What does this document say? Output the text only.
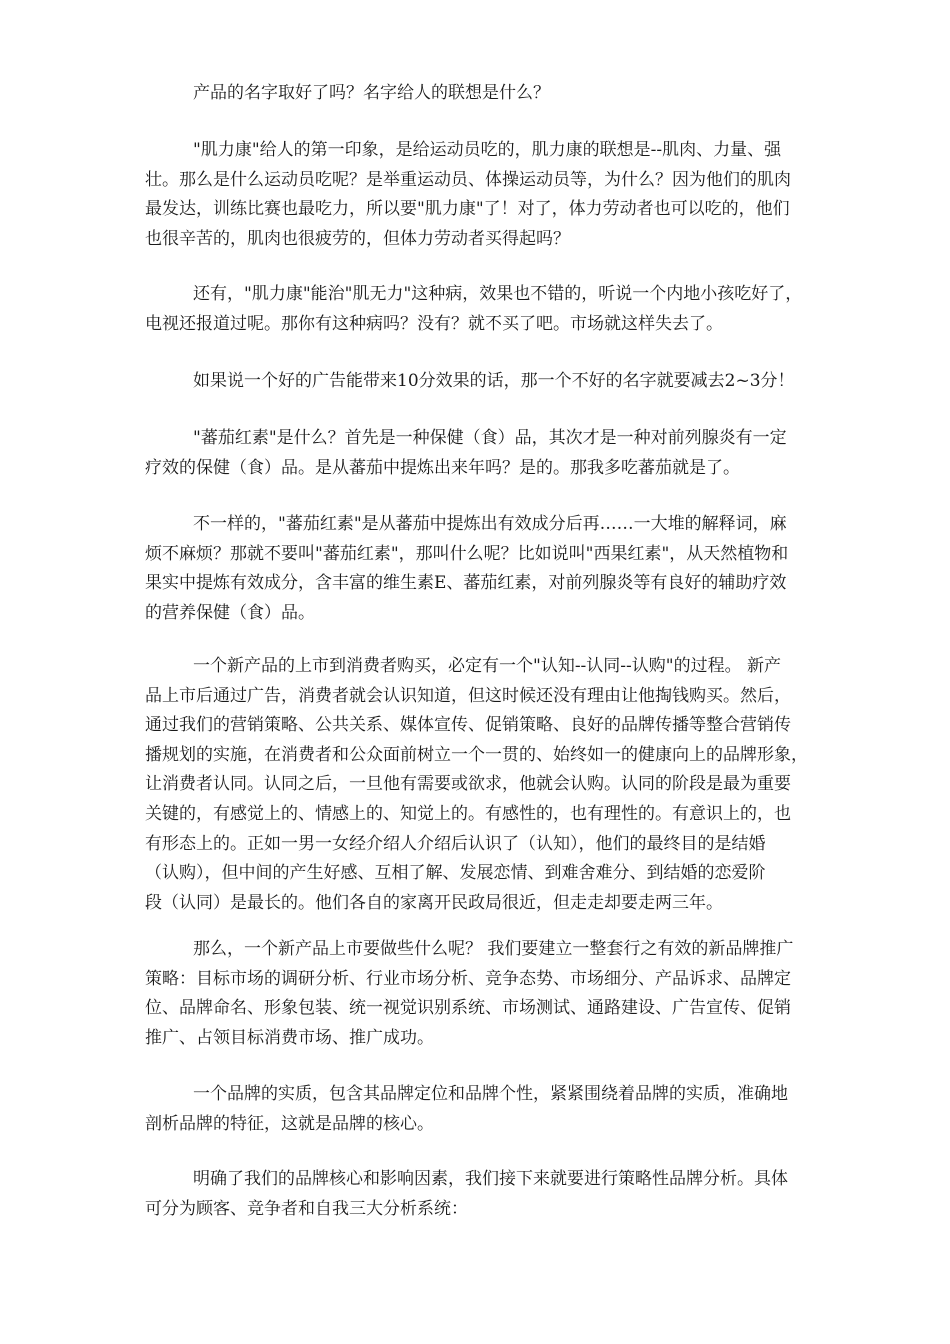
产品的名字取好了吗？名字给人的联想是什么？

"肌力康"给人的第一印象，是给运动员吃的，肌力康的联想是--肌肉、力量、强
壮。那么是什么运动员吃呢？是举重运动员、体操运动员等，为什么？因为他们的肌肉
最发达，训练比赛也最吃力，所以要"肌力康"了！对了，体力劳动者也可以吃的，他们
也很辛苦的，肌肉也很疲劳的，但体力劳动者买得起吗？

还有，"肌力康"能治"肌无力"这种病，效果也不错的，听说一个内地小孩吃好了，
电视还报道过呢。那你有这种病吗？没有？就不买了吧。市场就这样失去了。

如果说一个好的广告能带来10分效果的话，那一个不好的名字就要减去2~3分！

"蕃茄红素"是什么？首先是一种保健（食）品，其次才是一种对前列腺炎有一定
疗效的保健（食）品。是从蕃茄中提炼出来年吗？是的。那我多吃蕃茄就是了。

不一样的，"蕃茄红素"是从蕃茄中提炼出有效成分后再……一大堆的解释词，麻
烦不麻烦？那就不要叫"蕃茄红素"，那叫什么呢？比如说叫"西果红素"，从天然植物和
果实中提炼有效成分，含丰富的维生素E、蕃茄红素，对前列腺炎等有良好的辅助疗效
的营养保健（食）品。

一个新产品的上市到消费者购买，必定有一个"认知--认同--认购"的过程。 新产
品上市后通过广告，消费者就会认识知道，但这时候还没有理由让他掏钱购买。然后，
通过我们的营销策略、公共关系、媒体宣传、促销策略、良好的品牌传播等整合营销传
播规划的实施，在消费者和公众面前树立一个一贯的、始终如一的健康向上的品牌形象，
让消费者认同。认同之后，一旦他有需要或欲求，他就会认购。认同的阶段是最为重要
关键的，有感觉上的、情感上的、知觉上的。有感性的，也有理性的。有意识上的，也
有形态上的。正如一男一女经介绍人介绍后认识了（认知），他们的最终目的是结婚
（认购），但中间的产生好感、互相了解、发展恋情、到难舍难分、到结婚的恋爱阶
段（认同）是最长的。他们各自的家离开民政局很近，但走走却要走两三年。

那么，一个新产品上市要做些什么呢？ 我们要建立一整套行之有效的新品牌推广
策略：目标市场的调研分析、行业市场分析、竞争态势、市场细分、产品诉求、品牌定
位、品牌命名、形象包装、统一视觉识别系统、市场测试、通路建设、广告宣传、促销
推广、占领目标消费市场、推广成功。

一个品牌的实质，包含其品牌定位和品牌个性，紧紧围绕着品牌的实质，准确地
剖析品牌的特征，这就是品牌的核心。

明确了我们的品牌核心和影响因素，我们接下来就要进行策略性品牌分析。具体
可分为顾客、竞争者和自我三大分析系统：
